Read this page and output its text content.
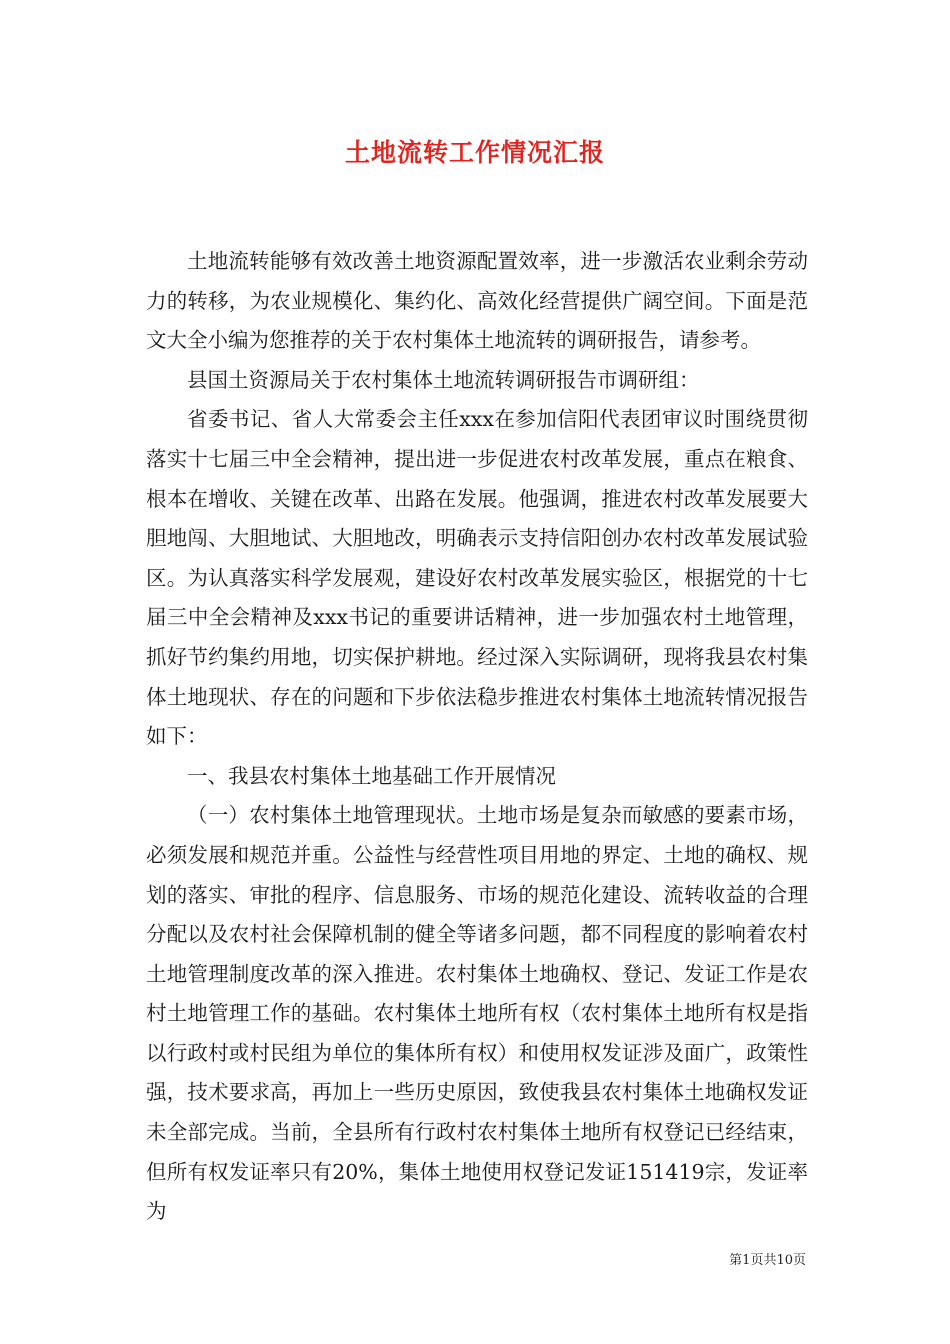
土地流转工作情况汇报

土地流转能够有效改善土地资源配置效率，进一步激活农业剩余劳动力的转移，为农业规模化、集约化、高效化经营提供广阔空间。下面是范文大全小编为您推荐的关于农村集体土地流转的调研报告，请参考。

县国土资源局关于农村集体土地流转调研报告市调研组：

省委书记、省人大常委会主任xxx在参加信阳代表团审议时围绕贯彻落实十七届三中全会精神，提出进一步促进农村改革发展，重点在粮食、根本在增收、关键在改革、出路在发展。他强调，推进农村改革发展要大胆地闯、大胆地试、大胆地改，明确表示支持信阳创办农村改革发展试验区。为认真落实科学发展观，建设好农村改革发展实验区，根据党的十七届三中全会精神及xxx书记的重要讲话精神，进一步加强农村土地管理，抓好节约集约用地，切实保护耕地。经过深入实际调研，现将我县农村集体土地现状、存在的问题和下步依法稳步推进农村集体土地流转情况报告如下：

一、我县农村集体土地基础工作开展情况

（一）农村集体土地管理现状。土地市场是复杂而敏感的要素市场，必须发展和规范并重。公益性与经营性项目用地的界定、土地的确权、规划的落实、审批的程序、信息服务、市场的规范化建设、流转收益的合理分配以及农村社会保障机制的健全等诸多问题，都不同程度的影响着农村土地管理制度改革的深入推进。农村集体土地确权、登记、发证工作是农村土地管理工作的基础。农村集体土地所有权（农村集体土地所有权是指以行政村或村民组为单位的集体所有权）和使用权发证涉及面广，政策性强，技术要求高，再加上一些历史原因，致使我县农村集体土地确权发证未全部完成。当前，全县所有行政村农村集体土地所有权登记已经结束，但所有权发证率只有20%，集体土地使用权登记发证151419宗，发证率为

第1页共10页
